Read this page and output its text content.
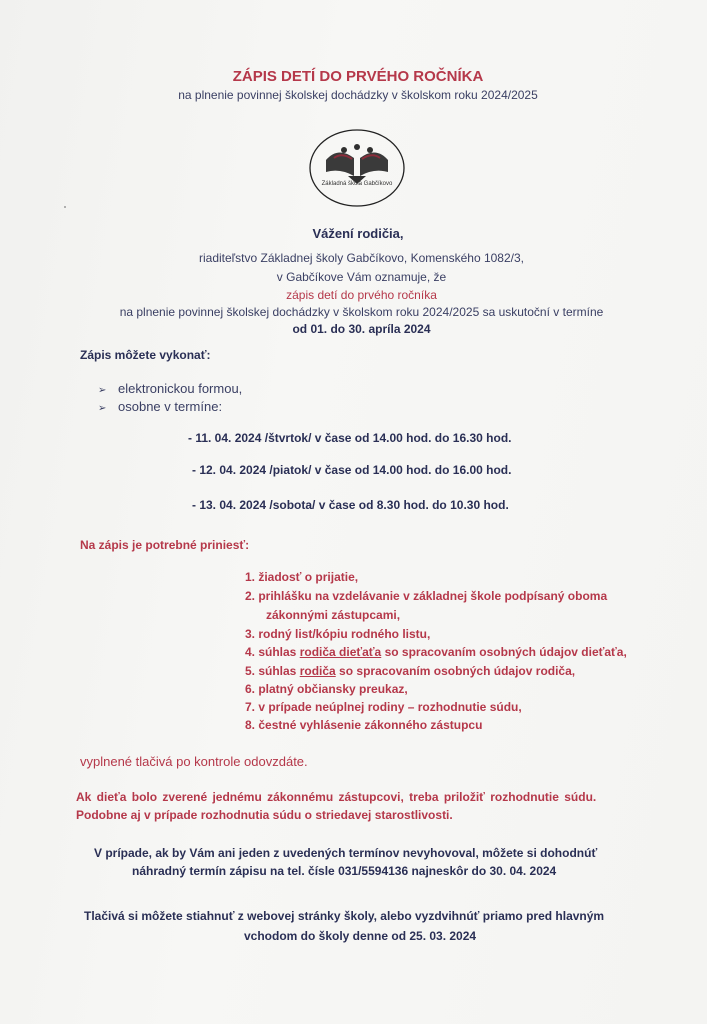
ZÁPIS DETÍ DO PRVÉHO ROČNÍKA
na plnenie povinnej školskej dochádzky v školskom roku 2024/2025
Základná škola Gabčíkovo
Vážení rodičia,
riaditeľstvo Základnej školy Gabčíkovo, Komenského 1082/3,
v Gabčíkove Vám oznamuje, že
zápis detí do prvého ročníka
na plnenie povinnej školskej dochádzky v školskom roku 2024/2025 sa uskutoční v termíne
od 01. do 30. apríla 2024
Zápis môžete vykonať:
➢ elektronickou formou,
➢ osobne v termíne:
- 11. 04. 2024 /štvrtok/ v čase od 14.00 hod. do 16.30 hod.
- 12. 04. 2024 /piatok/ v čase od 14.00 hod. do 16.00 hod.
- 13. 04. 2024 /sobota/ v čase od 8.30 hod. do 10.30 hod.
Na zápis je potrebné priniesť:
1. žiadosť o prijatie,
2. prihlášku na vzdelávanie v základnej škole podpísaný oboma
zákonnými zástupcami,
3. rodný list/kópiu rodného listu,
4. súhlas rodiča dieťaťa so spracovaním osobných údajov dieťaťa,
5. súhlas rodiča so spracovaním osobných údajov rodiča,
6. platný občiansky preukaz,
7. v prípade neúplnej rodiny – rozhodnutie súdu,
8. čestné vyhlásenie zákonného zástupcu
vyplnené tlačivá po kontrole odovzdáte.
Ak dieťa bolo zverené jednému zákonnému zástupcovi, treba priložiť rozhodnutie súdu.
Podobne aj v prípade rozhodnutia súdu o striedavej starostlivosti.
V prípade, ak by Vám ani jeden z uvedených termínov nevyhovoval, môžete si dohodnúť
náhradný termín zápisu na tel. čísle 031/5594136 najneskôr do 30. 04. 2024
Tlačivá si môžete stiahnuť z webovej stránky školy, alebo vyzdvihnúť priamo pred hlavným
vchodom do školy denne od 25. 03. 2024
